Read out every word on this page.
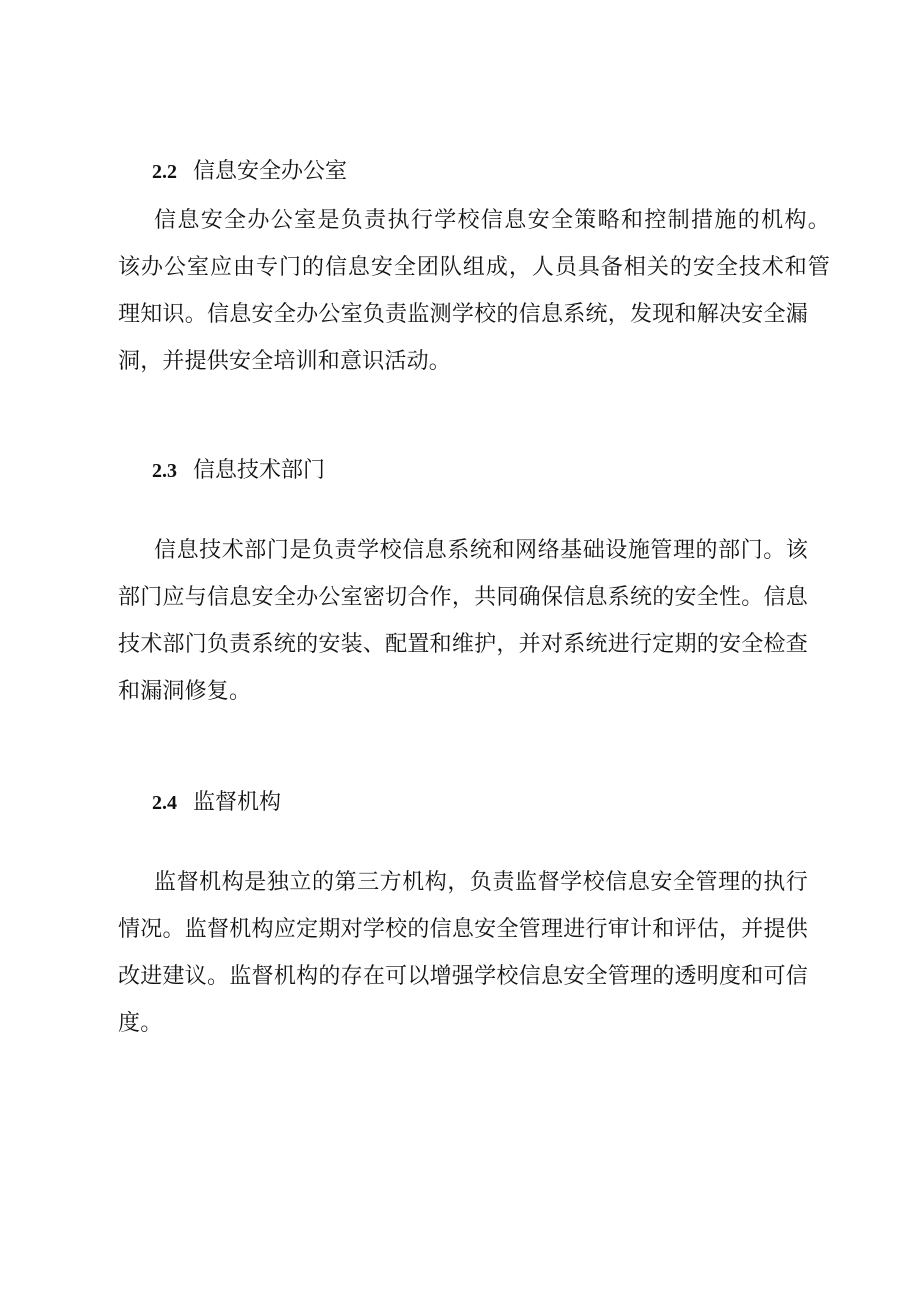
2.2 信息安全办公室
信息安全办公室是负责执行学校信息安全策略和控制措施的机构。
该办公室应由专门的信息安全团队组成，人员具备相关的安全技术和管
理知识。信息安全办公室负责监测学校的信息系统，发现和解决安全漏
洞，并提供安全培训和意识活动。
2.3 信息技术部门
信息技术部门是负责学校信息系统和网络基础设施管理的部门。该
部门应与信息安全办公室密切合作，共同确保信息系统的安全性。信息
技术部门负责系统的安装、配置和维护，并对系统进行定期的安全检查
和漏洞修复。
2.4 监督机构
监督机构是独立的第三方机构，负责监督学校信息安全管理的执行
情况。监督机构应定期对学校的信息安全管理进行审计和评估，并提供
改进建议。监督机构的存在可以增强学校信息安全管理的透明度和可信
度。
